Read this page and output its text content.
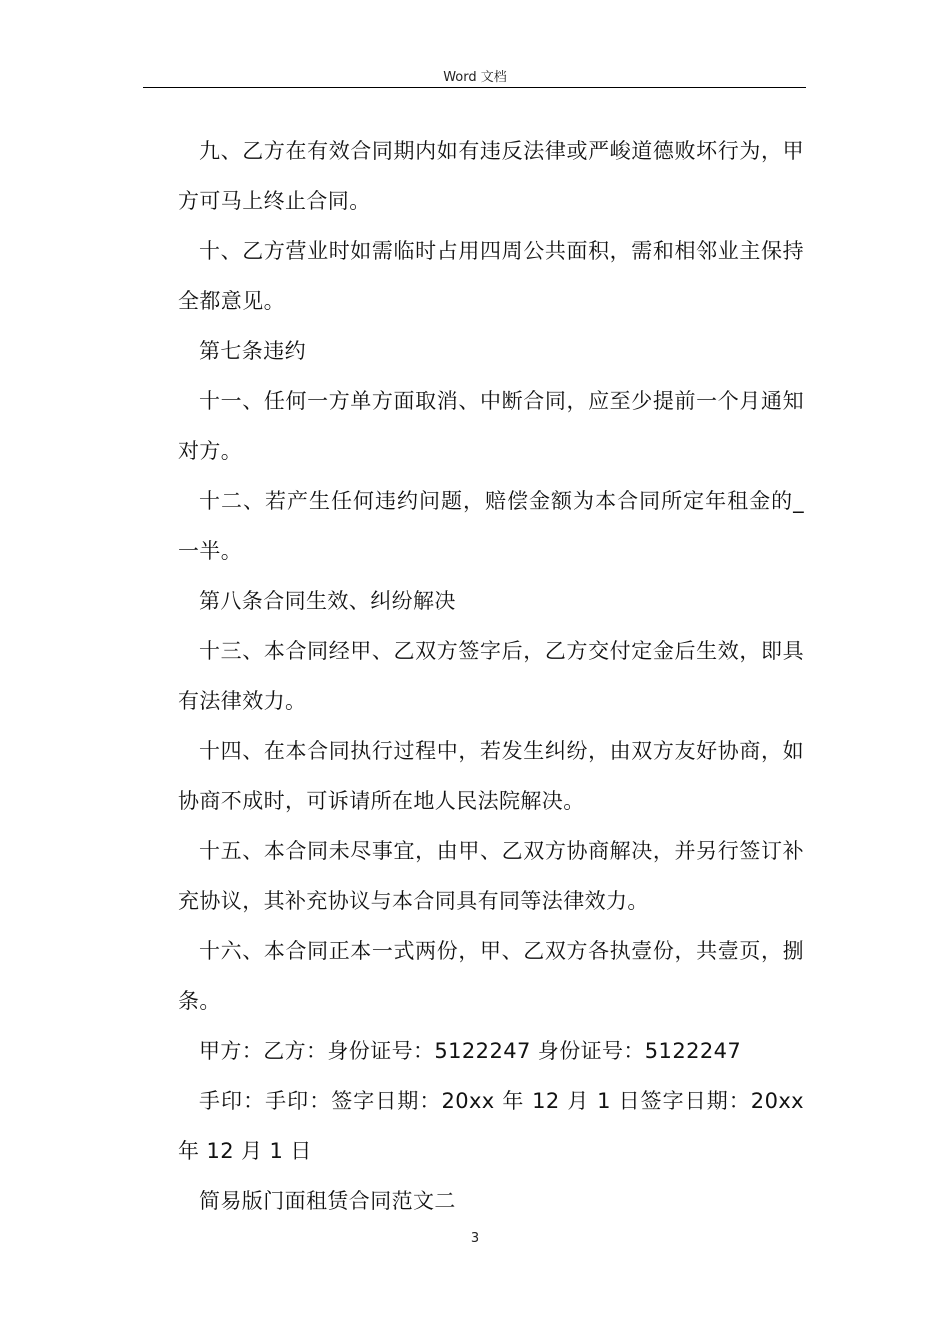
Word 文档

九、乙方在有效合同期内如有违反法律或严峻道德败坏行为，甲方可马上终止合同。

十、乙方营业时如需临时占用四周公共面积，需和相邻业主保持全都意见。

第七条违约

十一、任何一方单方面取消、中断合同，应至少提前一个月通知对方。

十二、若产生任何违约问题，赔偿金额为本合同所定年租金的_一半。

第八条合同生效、纠纷解决

十三、本合同经甲、乙双方签字后，乙方交付定金后生效，即具有法律效力。

十四、在本合同执行过程中，若发生纠纷，由双方友好协商，如协商不成时，可诉请所在地人民法院解决。

十五、本合同未尽事宜，由甲、乙双方协商解决，并另行签订补充协议，其补充协议与本合同具有同等法律效力。

十六、本合同正本一式两份，甲、乙双方各执壹份，共壹页，捌条。

甲方：乙方：身份证号：5122247 身份证号：5122247

手印：手印：签字日期：20xx 年 12 月 1 日签字日期：20xx 年 12 月 1 日

简易版门面租赁合同范文二

3
